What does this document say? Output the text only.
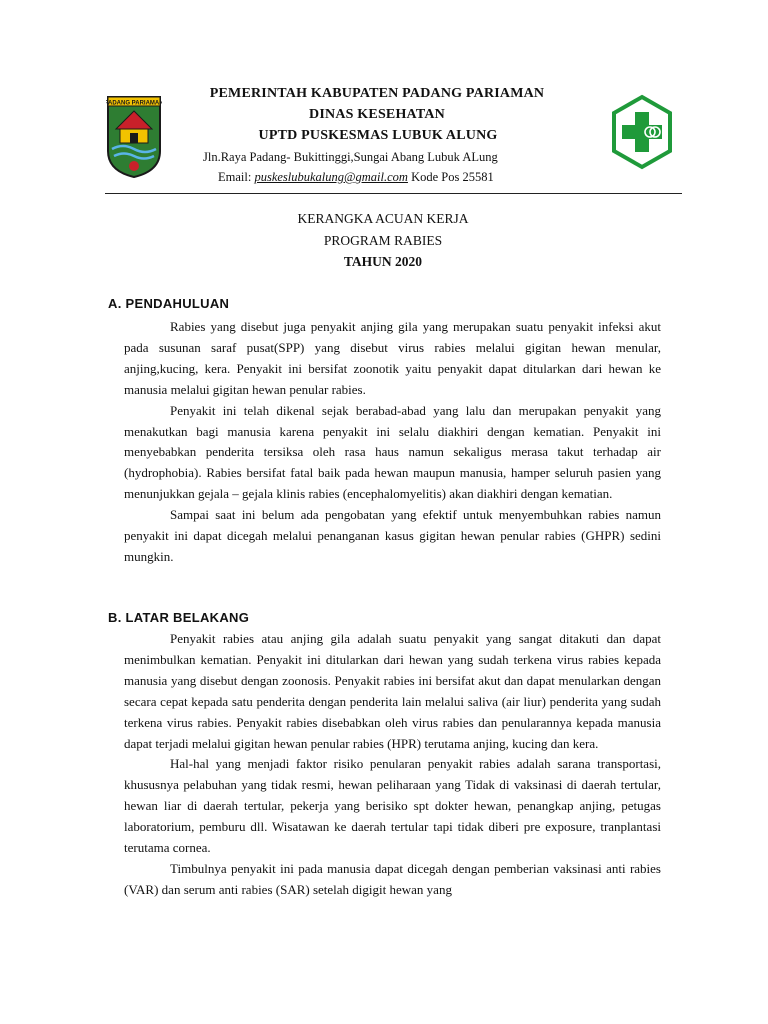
PADANG PARIAMAN
PEMERINTAH KABUPATEN PADANG PARIAMAN
DINAS KESEHATAN
UPTD PUSKESMAS LUBUK ALUNG
Jln.Raya Padang- Bukittinggi,Sungai Abang Lubuk ALung
Email: puskeslubukalung@gmail.com Kode Pos 25581
KERANGKA ACUAN KERJA
PROGRAM RABIES
TAHUN 2020
A. PENDAHULUAN

Rabies yang disebut juga penyakit anjing gila yang merupakan suatu penyakit infeksi akut pada susunan saraf pusat(SPP) yang disebut virus rabies melalui gigitan hewan menular, anjing,kucing, kera. Penyakit ini bersifat zoonotik yaitu penyakit dapat ditularkan dari hewan ke manusia melalui gigitan hewan penular rabies.

Penyakit ini telah dikenal sejak berabad-abad yang lalu dan merupakan penyakit yang menakutkan bagi manusia karena penyakit ini selalu diakhiri dengan kematian. Penyakit ini menyebabkan penderita tersiksa oleh rasa haus namun sekaligus merasa takut terhadap air (hydrophobia). Rabies bersifat fatal baik pada hewan maupun manusia, hamper seluruh pasien yang menunjukkan gejala – gejala klinis rabies (encephalomyelitis) akan diakhiri dengan kematian.

Sampai saat ini belum ada pengobatan yang efektif untuk menyembuhkan rabies namun penyakit ini dapat dicegah melalui penanganan kasus gigitan hewan penular rabies (GHPR) sedini mungkin.

B. LATAR BELAKANG

Penyakit rabies atau anjing gila adalah suatu penyakit yang sangat ditakuti dan dapat menimbulkan kematian. Penyakit ini ditularkan dari hewan yang sudah terkena virus rabies kepada manusia yang disebut dengan zoonosis. Penyakit rabies ini bersifat akut dan dapat menularkan dengan secara cepat kepada satu penderita dengan penderita lain melalui saliva (air liur) penderita yang sudah terkena virus rabies. Penyakit rabies disebabkan oleh virus rabies dan penularannya kepada manusia dapat terjadi melalui gigitan hewan penular rabies (HPR) terutama anjing, kucing dan kera.

Hal-hal yang menjadi faktor risiko penularan penyakit rabies adalah sarana transportasi, khususnya pelabuhan yang tidak resmi, hewan peliharaan yang Tidak di vaksinasi di daerah tertular, hewan liar di daerah tertular, pekerja yang berisiko spt dokter hewan, penangkap anjing, petugas laboratorium, pemburu dll. Wisatawan ke daerah tertular tapi tidak diberi pre exposure, tranplantasi terutama cornea.

Timbulnya penyakit ini pada manusia dapat dicegah dengan pemberian vaksinasi anti rabies (VAR) dan serum anti rabies (SAR) setelah digigit hewan yang
